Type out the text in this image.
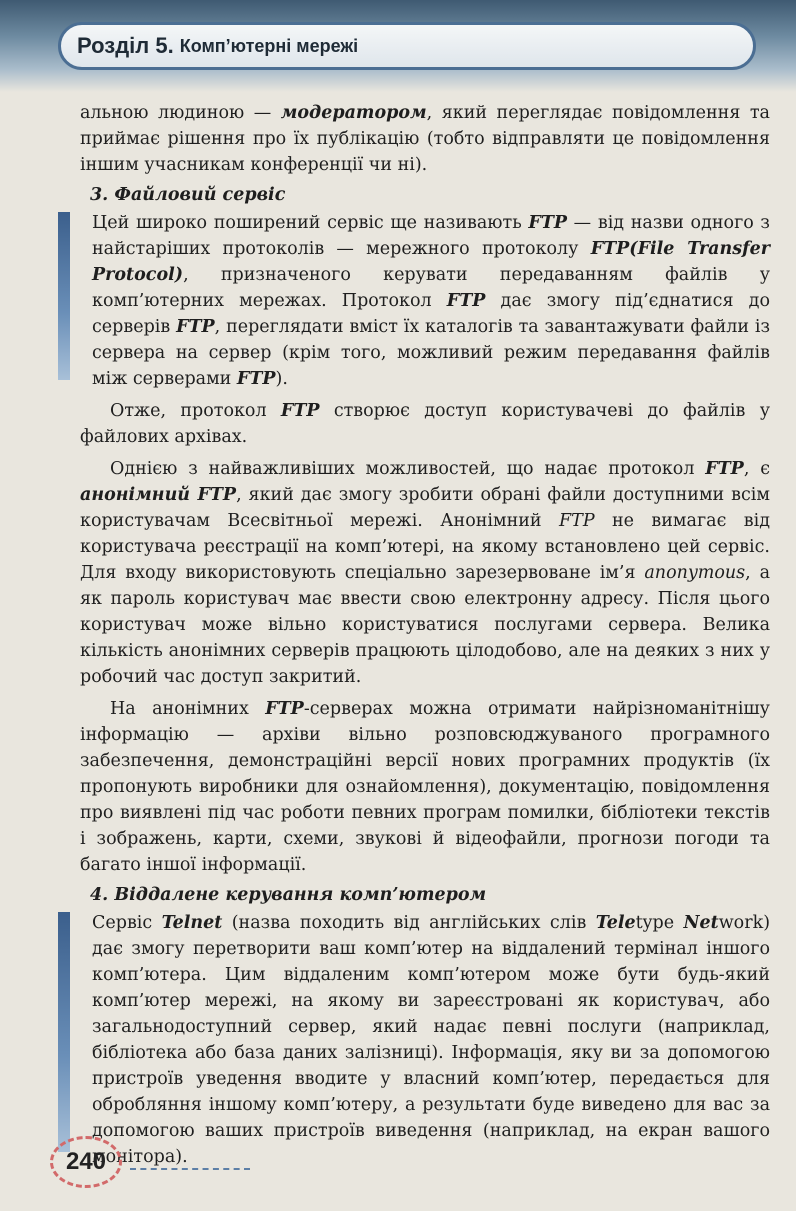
Розділ 5. Комп’ютерні мережі

альною людиною — модератором, який переглядає повідомлення та приймає рішення про їх публікацію (тобто відправляти це повідомлення іншим учасникам конференції чи ні).

3. Файловий сервіс

Цей широко поширений сервіс ще називають FTP — від назви одного з найстаріших протоколів — мережного протоколу FTP(File Transfer Protocol), призначеного керувати передаванням файлів у комп’ютерних мережах. Протокол FTP дає змогу під’єднатися до серверів FTP, переглядати вміст їх каталогів та завантажувати файли із сервера на сервер (крім того, можливий режим передавання файлів між серверами FTP).

Отже, протокол FTP створює доступ користувачеві до файлів у файлових архівах.

Однією з найважливіших можливостей, що надає протокол FTP, є анонімний FTP, який дає змогу зробити обрані файли доступними всім користувачам Всесвітньої мережі. Анонімний FTP не вимагає від користувача реєстрації на комп’ютері, на якому встановлено цей сервіс. Для входу використовують спеціально зарезервоване ім’я anonymous, а як пароль користувач має ввести свою електронну адресу. Після цього користувач може вільно користуватися послугами сервера. Велика кількість анонімних серверів працюють цілодобово, але на деяких з них у робочий час доступ закритий.

На анонімних FTP-серверах можна отримати найрізноманітнішу інформацію — архіви вільно розповсюджуваного програмного забезпечення, демонстраційні версії нових програмних продуктів (їх пропонують виробники для ознайомлення), документацію, повідомлення про виявлені під час роботи певних програм помилки, бібліотеки текстів і зображень, карти, схеми, звукові й відеофайли, прогнози погоди та багато іншої інформації.

4. Віддалене керування комп’ютером

Сервіс Telnet (назва походить від англійських слів Teletype Network) дає змогу перетворити ваш комп’ютер на віддалений термінал іншого комп’ютера. Цим віддаленим комп’ютером може бути будь-який комп’ютер мережі, на якому ви зареєстровані як користувач, або загальнодоступний сервер, який надає певні послуги (наприклад, бібліотека або база даних залізниці). Інформація, яку ви за допомогою пристроїв уведення вводите у власний комп’ютер, передається для обробляння іншому комп’ютеру, а результати буде виведено для вас за допомогою ваших пристроїв виведення (наприклад, на екран вашого монітора).

240
